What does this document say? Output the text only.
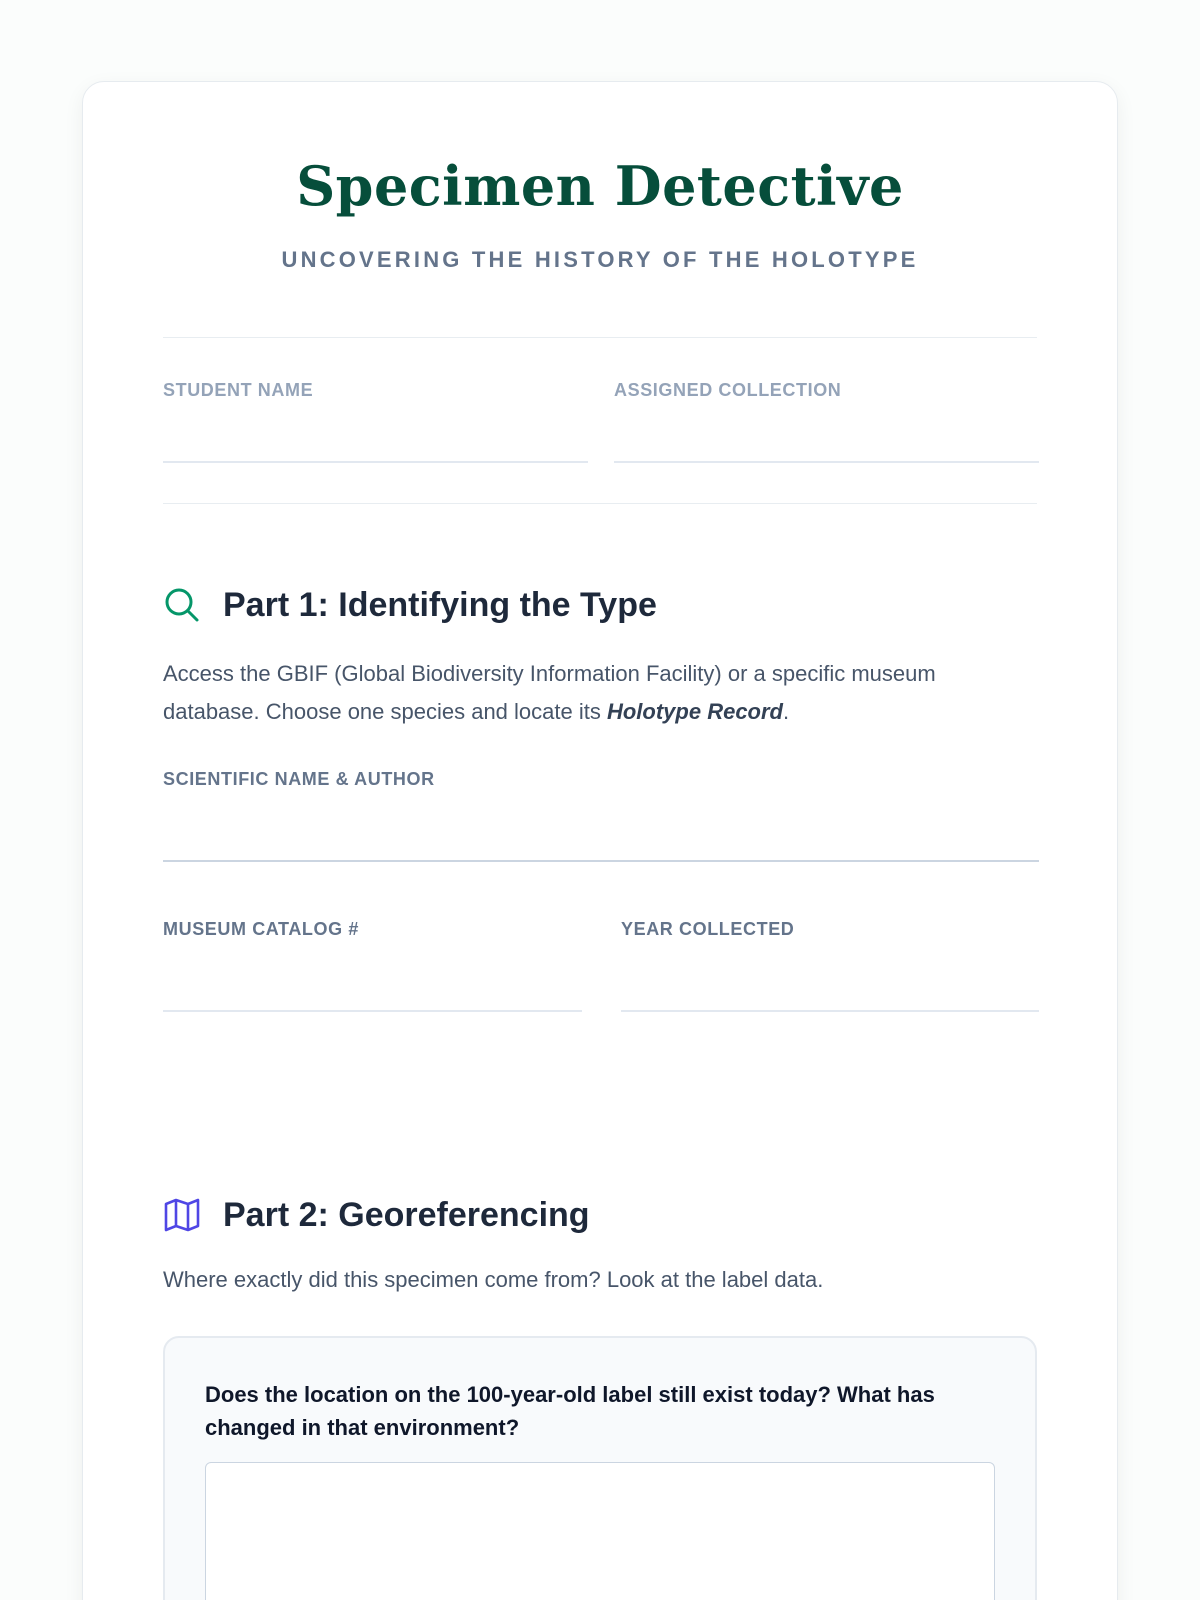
Specimen Detective
UNCOVERING THE HISTORY OF THE HOLOTYPE
STUDENT NAME	ASSIGNED COLLECTION
Part 1: Identifying the Type

Access the GBIF (Global Biodiversity Information Facility) or a specific museum database. Choose one species and locate its Holotype Record.

SCIENTIFIC NAME & AUTHOR
MUSEUM CATALOG #	YEAR COLLECTED
Part 2: Georeferencing

Where exactly did this specimen come from? Look at the label data.

Does the location on the 100-year-old label still exist today? What has changed in that environment?
